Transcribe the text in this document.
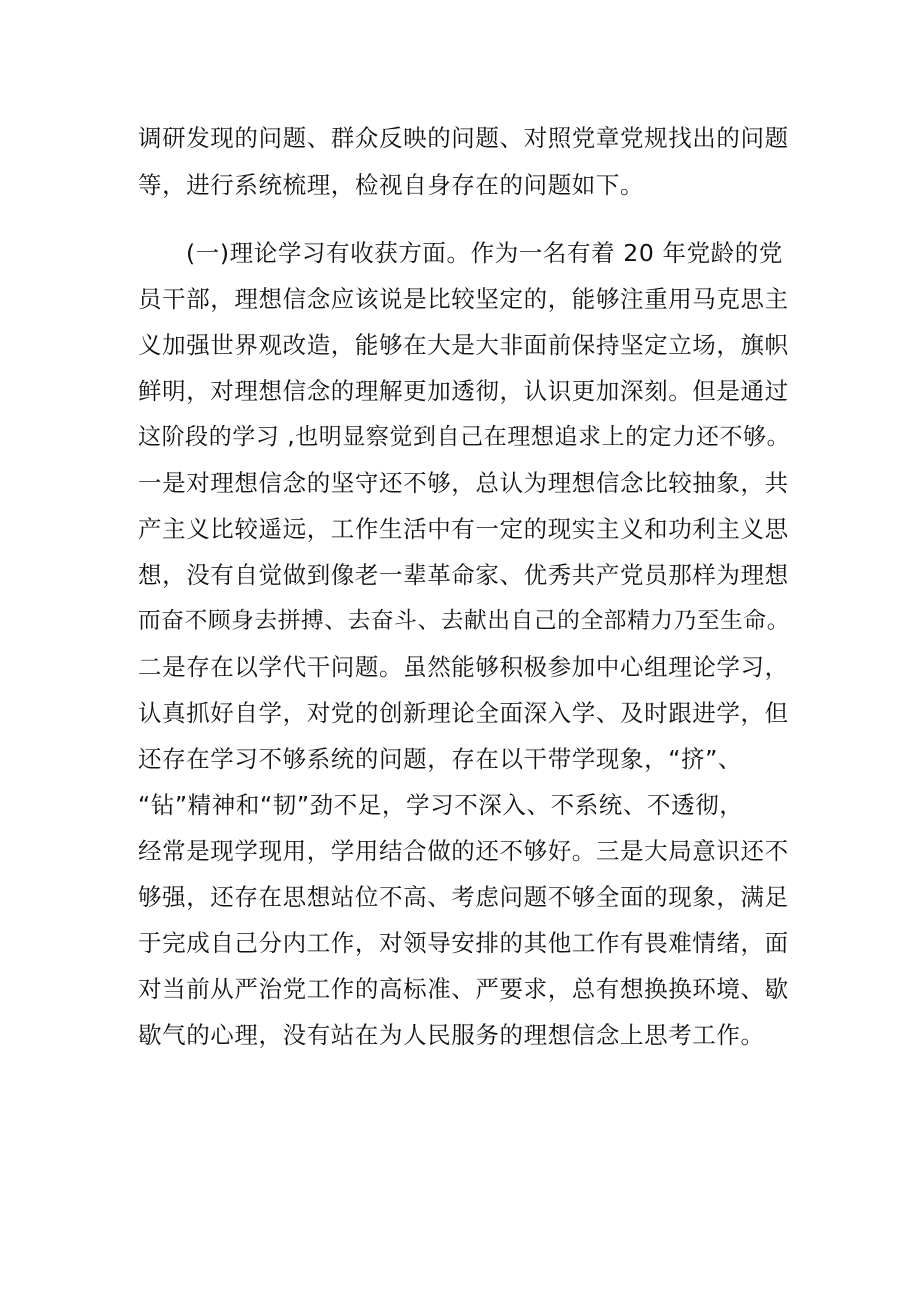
调研发现的问题、群众反映的问题、对照党章党规找出的问题
等，进行系统梳理，检视自身存在的问题如下。
(一)理论学习有收获方面。作为一名有着 20 年党龄的党
员干部，理想信念应该说是比较坚定的，能够注重用马克思主
义加强世界观改造，能够在大是大非面前保持坚定立场，旗帜
鲜明，对理想信念的理解更加透彻，认识更加深刻。但是通过
这阶段的学习 ,也明显察觉到自己在理想追求上的定力还不够。
一是对理想信念的坚守还不够，总认为理想信念比较抽象，共
产主义比较遥远，工作生活中有一定的现实主义和功利主义思
想，没有自觉做到像老一辈革命家、优秀共产党员那样为理想
而奋不顾身去拼搏、去奋斗、去献出自己的全部精力乃至生命。
二是存在以学代干问题。虽然能够积极参加中心组理论学习，
认真抓好自学，对党的创新理论全面深入学、及时跟进学，但
还存在学习不够系统的问题，存在以干带学现象，“挤”、
“钻”精神和“韧”劲不足，学习不深入、不系统、不透彻，
经常是现学现用，学用结合做的还不够好。三是大局意识还不
够强，还存在思想站位不高、考虑问题不够全面的现象，满足
于完成自己分内工作，对领导安排的其他工作有畏难情绪，面
对当前从严治党工作的高标准、严要求，总有想换换环境、歇
歇气的心理，没有站在为人民服务的理想信念上思考工作。
